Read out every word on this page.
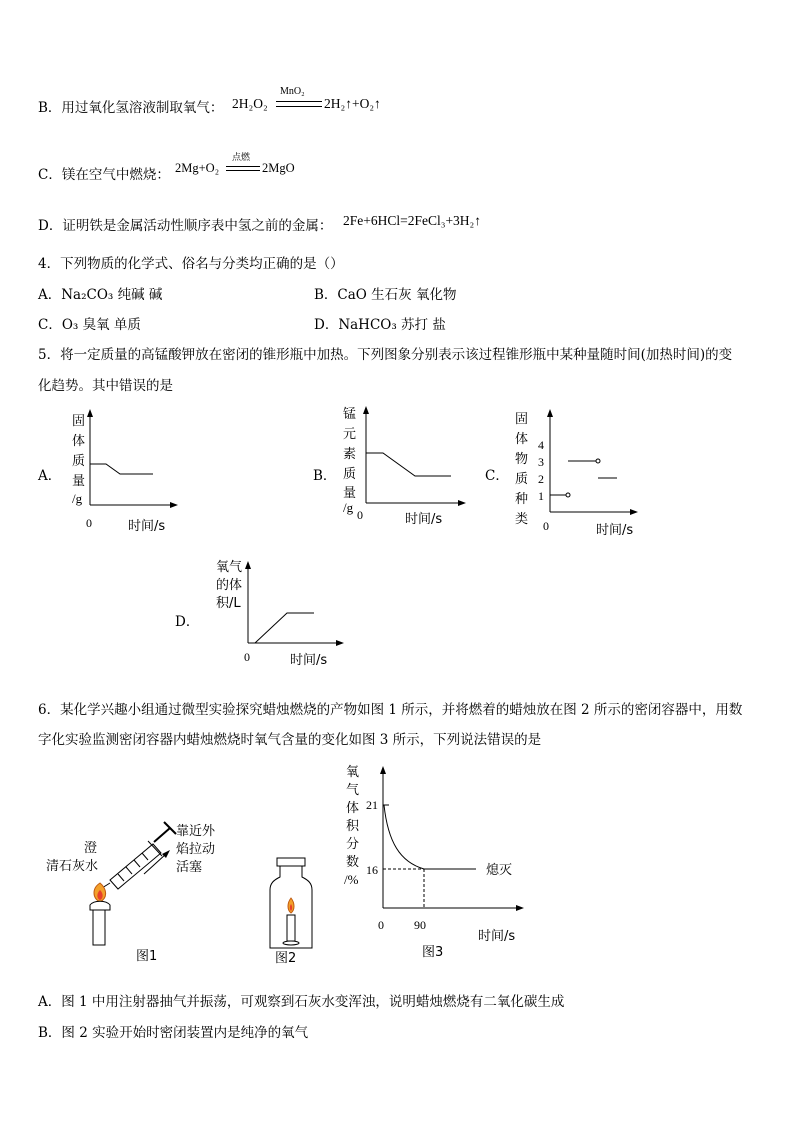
B．用过氧化氢溶液制取氧气： 2H₂O₂
MnO₂
2H₂↑+O₂↑
C．镁在空气中燃烧： 2Mg+O₂
点燃
2MgO
D．证明铁是金属活动性顺序表中氢之前的金属： 2Fe+6HCl=2FeCl₃+3H₂↑
4．下列物质的化学式、俗名与分类均正确的是（）
A．Na₂CO₃ 纯碱 碱	B．CaO 生石灰 氧化物
C．O₃ 臭氧 单质	D．NaHCO₃ 苏打 盐
5．将一定质量的高锰酸钾放在密闭的锥形瓶中加热。下列图象分别表示该过程锥形瓶中某种量随时间(加热时间)的变
化趋势。其中错误的是
A．
固
体
质
量
/g
0	时间/s
B．
锰
元
素
质
量
/g 0	时间/s
C．
固
体
物
质
种
类
4
3
2
1
0	时间/s
D．
氧气
的体
积/L
0	时间/s
6．某化学兴趣小组通过微型实验探究蜡烛燃烧的产物如图 1 所示，并将燃着的蜡烛放在图 2 所示的密闭容器中，用数
字化实验监测密闭容器内蜡烛燃烧时氧气含量的变化如图 3 所示，下列说法错误的是
澄
清石灰水
靠近外
焰拉动
活塞
图1	图2
氧
气
体
积
分
数
/%
21
16
0	90
熄灭
时间/s
图3
A．图 1 中用注射器抽气并振荡，可观察到石灰水变浑浊，说明蜡烛燃烧有二氧化碳生成
B．图 2 实验开始时密闭装置内是纯净的氧气
